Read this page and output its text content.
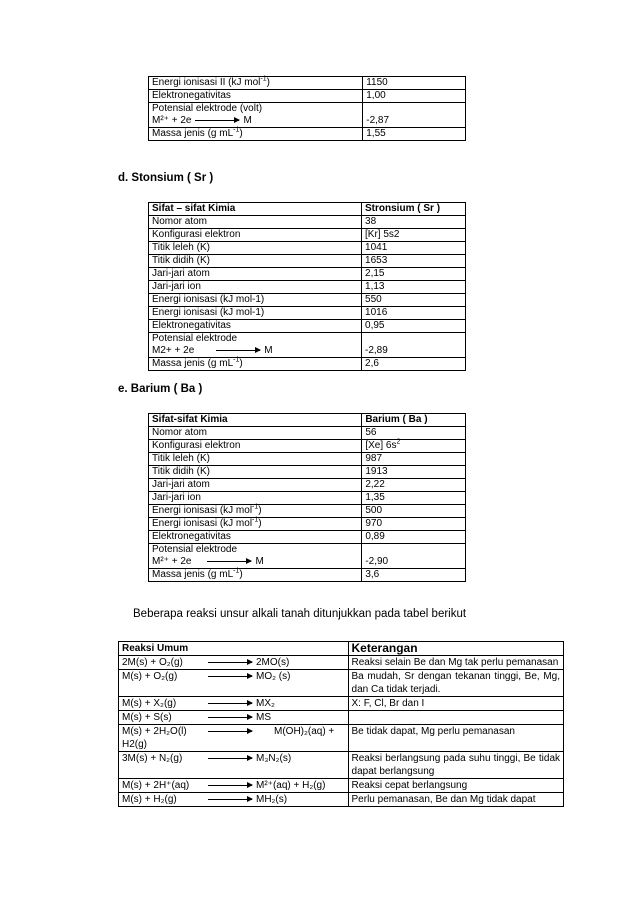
Energi ionisasi II (kJ mol$^{-1}$)	1150
Elektronegativitas	1,00

Potensial elektrode (volt)
M²⁺ + 2e M	-2,87
Massa jenis (g $mL^{-1}$)	1,55
d. Stonsium ( Sr )
Sifat – sifat Kimia	Stronsium ( Sr )
Nomor atom	38
Konfigurasi elektron	[Kr] 5s2
Titik leleh (K)	1041
Titik didih (K)	1653
Jari-jari atom	2,15
Jari-jari ion	1,13
Energi ionisasi (kJ mol-1)	550
Energi ionisasi (kJ mol-1)	1016
Elektronegativitas	0,95

Potensial elektrode
M2+ + 2e M	-2,89
Massa jenis (g $mL^{-1}$)	2,6
e. Barium ( Ba )
Sifat-sifat Kimia	Barium ( Ba )
Nomor atom	56
Konfigurasi elektron	[Xe] $6s^2$
Titik leleh (K)	987
Titik didih (K)	1913
Jari-jari atom	2,22
Jari-jari ion	1,35
Energi ionisasi (kJ mol$^{-1}$)	500
Energi ionisasi (kJ mol$^{-1}$)	970
Elektronegativitas	0,89

Potensial elektrode
M²⁺ + 2e M	-2,90
Massa jenis (g $mL^{-1}$)	3,6
Beberapa reaksi unsur alkali tanah ditunjukkan pada tabel berikut
Reaksi Umum	Keterangan

2M(s) + O₂(g) 2MO(s)	Reaksi selain Be dan Mg tak perlu pemanasan

M(s) + O₂(g) MO₂ (s)	Ba mudah, Sr dengan tekanan tinggi, Be, Mg, dan Ca tidak terjadi.

M(s) + X₂(g) MX₂	X: F, Cl, Br dan I

M(s) + S(s) MS	

M(s) + 2H₂O(l) M(OH)₂(aq) +
H2(g)	Be tidak dapat, Mg perlu pemanasan

3M(s) + N₂(g) M₃N₂(s)	Reaksi berlangsung pada suhu tinggi, Be tidak dapat berlangsung

M(s) + 2H⁺(aq) M²⁺(aq) + H₂(g)	Reaksi cepat berlangsung

M(s) + H₂(g) MH₂(s)	Perlu pemanasan, Be dan Mg tidak dapat
